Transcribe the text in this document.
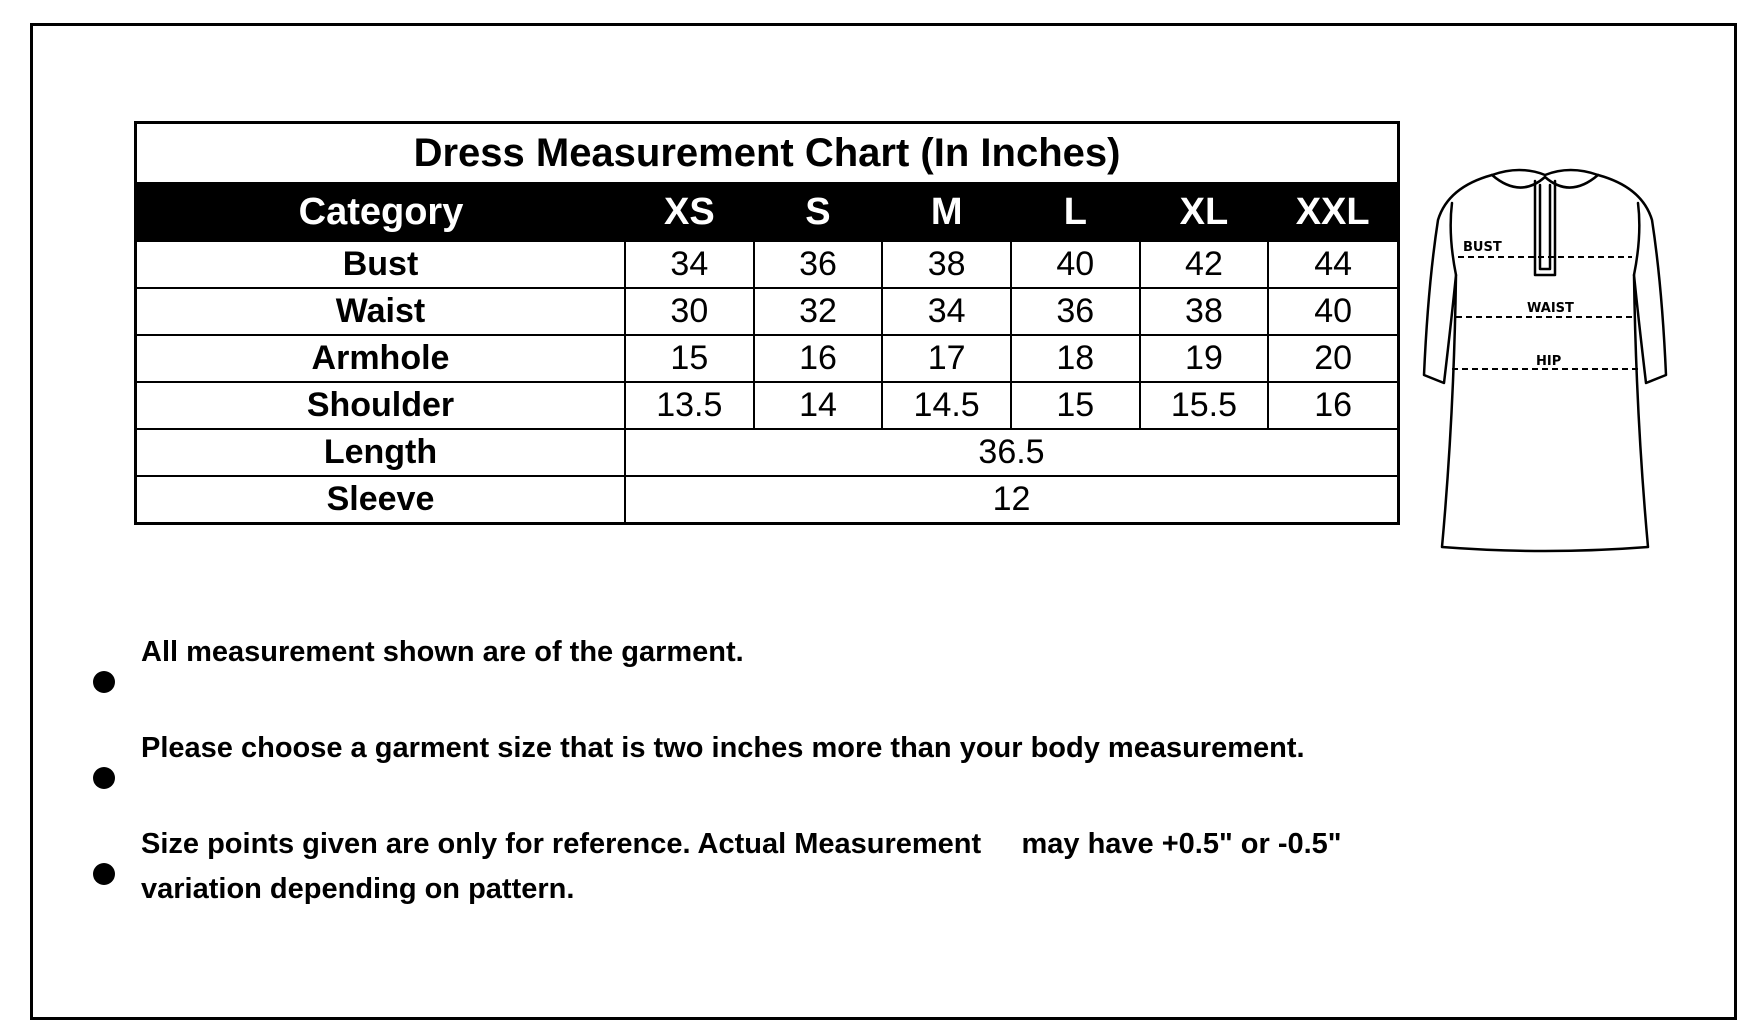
Dress Measurement Chart (In Inches)
Category	XS	S	M	L	XL	XXL
Bust	34	36	38	40	42	44
Waist	30	32	34	36	38	40
Armhole	15	16	17	18	19	20
Shoulder	13.5	14	14.5	15	15.5	16
Length	36.5					
Sleeve	12					
BUST
WAIST
HIP
All measurement shown are of the garment.
Please choose a garment size that is two inches more than your body measurement.
Size points given are only for reference. Actual Measurement     may have +0.5" or -0.5" variation depending on pattern.
